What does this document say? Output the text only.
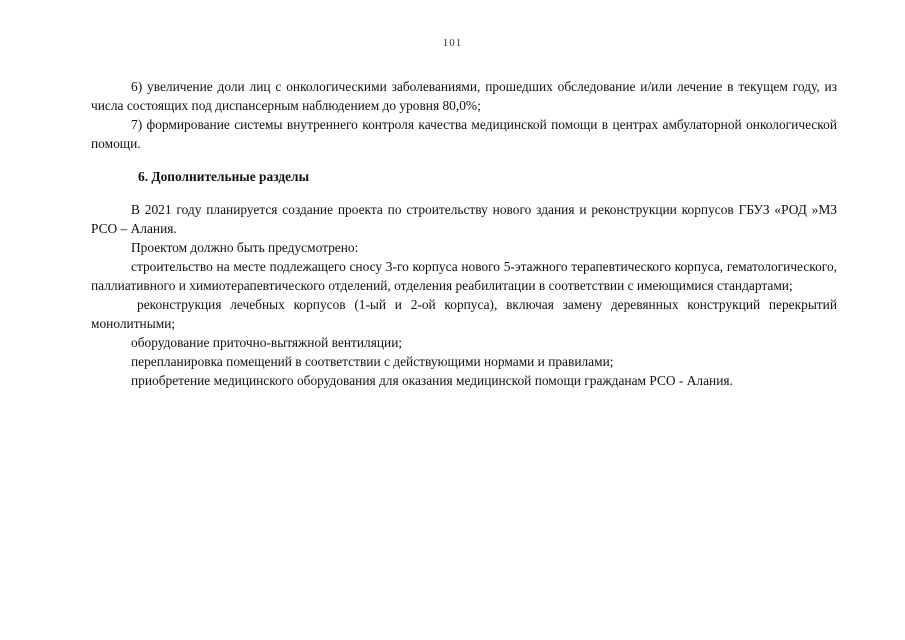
101

6) увеличение доли лиц с онкологическими заболеваниями, прошедших обследование и/или лечение в текущем году, из числа состоящих под диспансерным наблюдением до уровня 80,0%;

7) формирование системы внутреннего контроля качества медицинской помощи в центрах амбулаторной онкологической помощи.

6. Дополнительные разделы

В 2021 году планируется создание проекта по строительству нового здания и реконструкции корпусов ГБУЗ «РОД »МЗ РСО – Алания.

Проектом должно быть предусмотрено:

строительство на месте подлежащего сносу 3-го корпуса нового 5-этажного терапевтического корпуса, гематологического, паллиативного и химиотерапевтического отделений, отделения реабилитации в соответствии с имеющимися стандартами;

реконструкция лечебных корпусов (1-ый и 2-ой корпуса), включая замену деревянных конструкций перекрытий монолитными;

оборудование приточно-вытяжной вентиляции;

перепланировка помещений в соответствии с действующими нормами и правилами;

приобретение медицинского оборудования для оказания медицинской помощи гражданам РСО - Алания.
